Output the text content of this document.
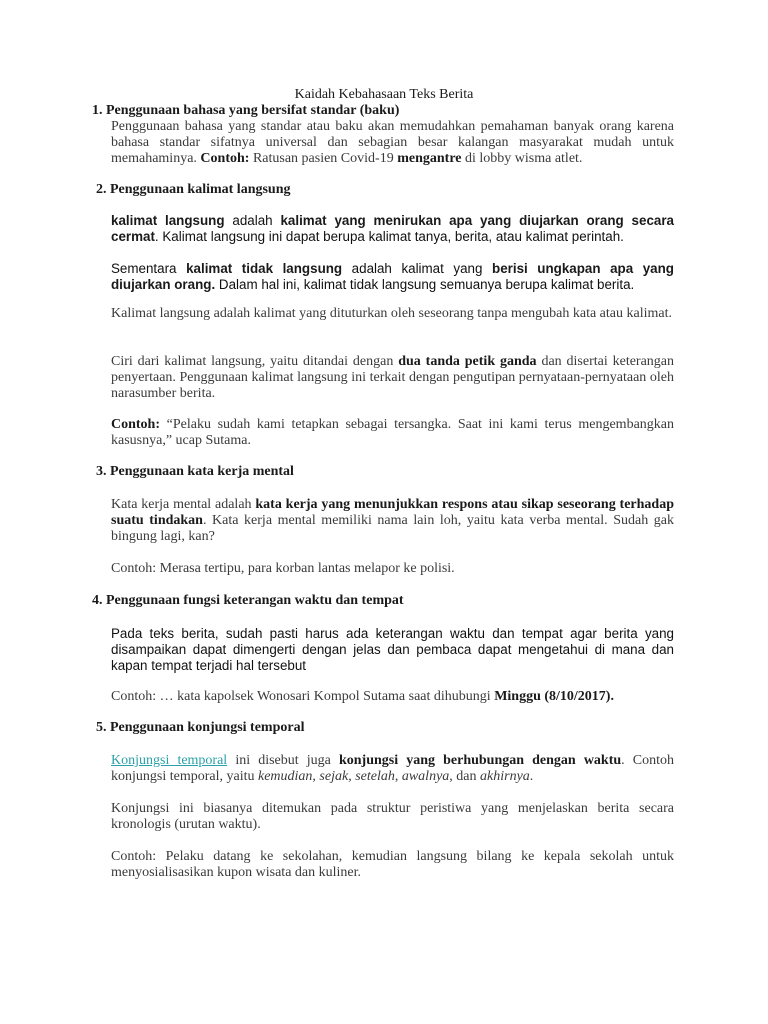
Kaidah Kebahasaan Teks Berita
1. Penggunaan bahasa yang bersifat standar (baku)
Penggunaan bahasa yang standar atau baku akan memudahkan pemahaman banyak orang karena bahasa standar sifatnya universal dan sebagian besar kalangan masyarakat mudah untuk memahaminya. Contoh: Ratusan pasien Covid-19 mengantre di lobby wisma atlet.
2. Penggunaan kalimat langsung
kalimat langsung adalah kalimat yang menirukan apa yang diujarkan orang secara cermat. Kalimat langsung ini dapat berupa kalimat tanya, berita, atau kalimat perintah.
Sementara kalimat tidak langsung adalah kalimat yang berisi ungkapan apa yang diujarkan orang. Dalam hal ini, kalimat tidak langsung semuanya berupa kalimat berita.
Kalimat langsung adalah kalimat yang dituturkan oleh seseorang tanpa mengubah kata atau kalimat.
Ciri dari kalimat langsung, yaitu ditandai dengan dua tanda petik ganda dan disertai keterangan penyertaan. Penggunaan kalimat langsung ini terkait dengan pengutipan pernyataan-pernyataan oleh narasumber berita.
Contoh: “Pelaku sudah kami tetapkan sebagai tersangka. Saat ini kami terus mengembangkan kasusnya,” ucap Sutama.
3. Penggunaan kata kerja mental
Kata kerja mental adalah kata kerja yang menunjukkan respons atau sikap seseorang terhadap suatu tindakan. Kata kerja mental memiliki nama lain loh, yaitu kata verba mental. Sudah gak bingung lagi, kan?
Contoh: Merasa tertipu, para korban lantas melapor ke polisi.
4. Penggunaan fungsi keterangan waktu dan tempat
Pada teks berita, sudah pasti harus ada keterangan waktu dan tempat agar berita yang disampaikan dapat dimengerti dengan jelas dan pembaca dapat mengetahui di mana dan kapan tempat terjadi hal tersebut
Contoh: … kata kapolsek Wonosari Kompol Sutama saat dihubungi Minggu (8/10/2017).
5. Penggunaan konjungsi temporal
Konjungsi temporal ini disebut juga konjungsi yang berhubungan dengan waktu. Contoh konjungsi temporal, yaitu kemudian, sejak, setelah, awalnya, dan akhirnya.
Konjungsi ini biasanya ditemukan pada struktur peristiwa yang menjelaskan berita secara kronologis (urutan waktu).
Contoh: Pelaku datang ke sekolahan, kemudian langsung bilang ke kepala sekolah untuk menyosialisasikan kupon wisata dan kuliner.
